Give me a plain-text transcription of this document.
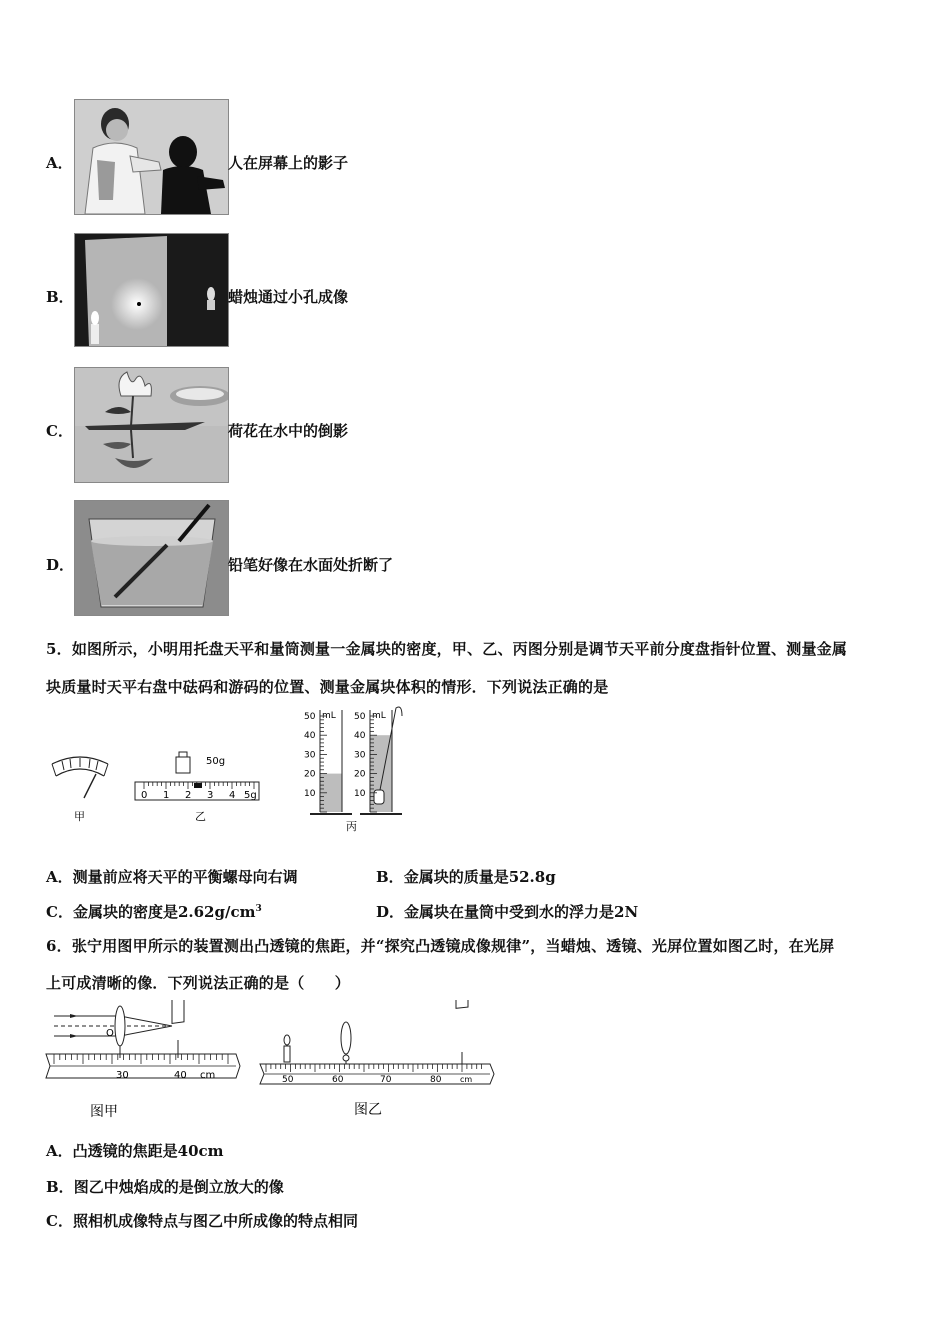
A．	人在屏幕上的影子
B．	蜡烛通过小孔成像
C．	荷花在水中的倒影
D．	铅笔好像在水面处折断了
5．如图所示，小明用托盘天平和量筒测量一金属块的密度，甲、乙、丙图分别是调节天平前分度盘指针位置、测量金属
块质量时天平右盘中砝码和游码的位置、测量金属块体积的情形．下列说法正确的是
甲
50g
0 1 2 3 4 5g
乙
mL	mL
50
40
30
20
10
50
40
30
20
10
丙
A．测量前应将天平的平衡螺母向右调	B．金属块的质量是52.8g
C．金属块的密度是$2.62g/cm^3$	D．金属块在量筒中受到水的浮力是2N
6．张宁用图甲所示的装置测出凸透镜的焦距，并“探究凸透镜成像规律”，当蜡烛、透镜、光屏位置如图乙时，在光屏
上可成清晰的像．下列说法正确的是（　　）
O
30	40 cm
图甲
50	60	70	80 cm
图乙
A．凸透镜的焦距是40cm
B．图乙中烛焰成的是倒立放大的像
C．照相机成像特点与图乙中所成像的特点相同
